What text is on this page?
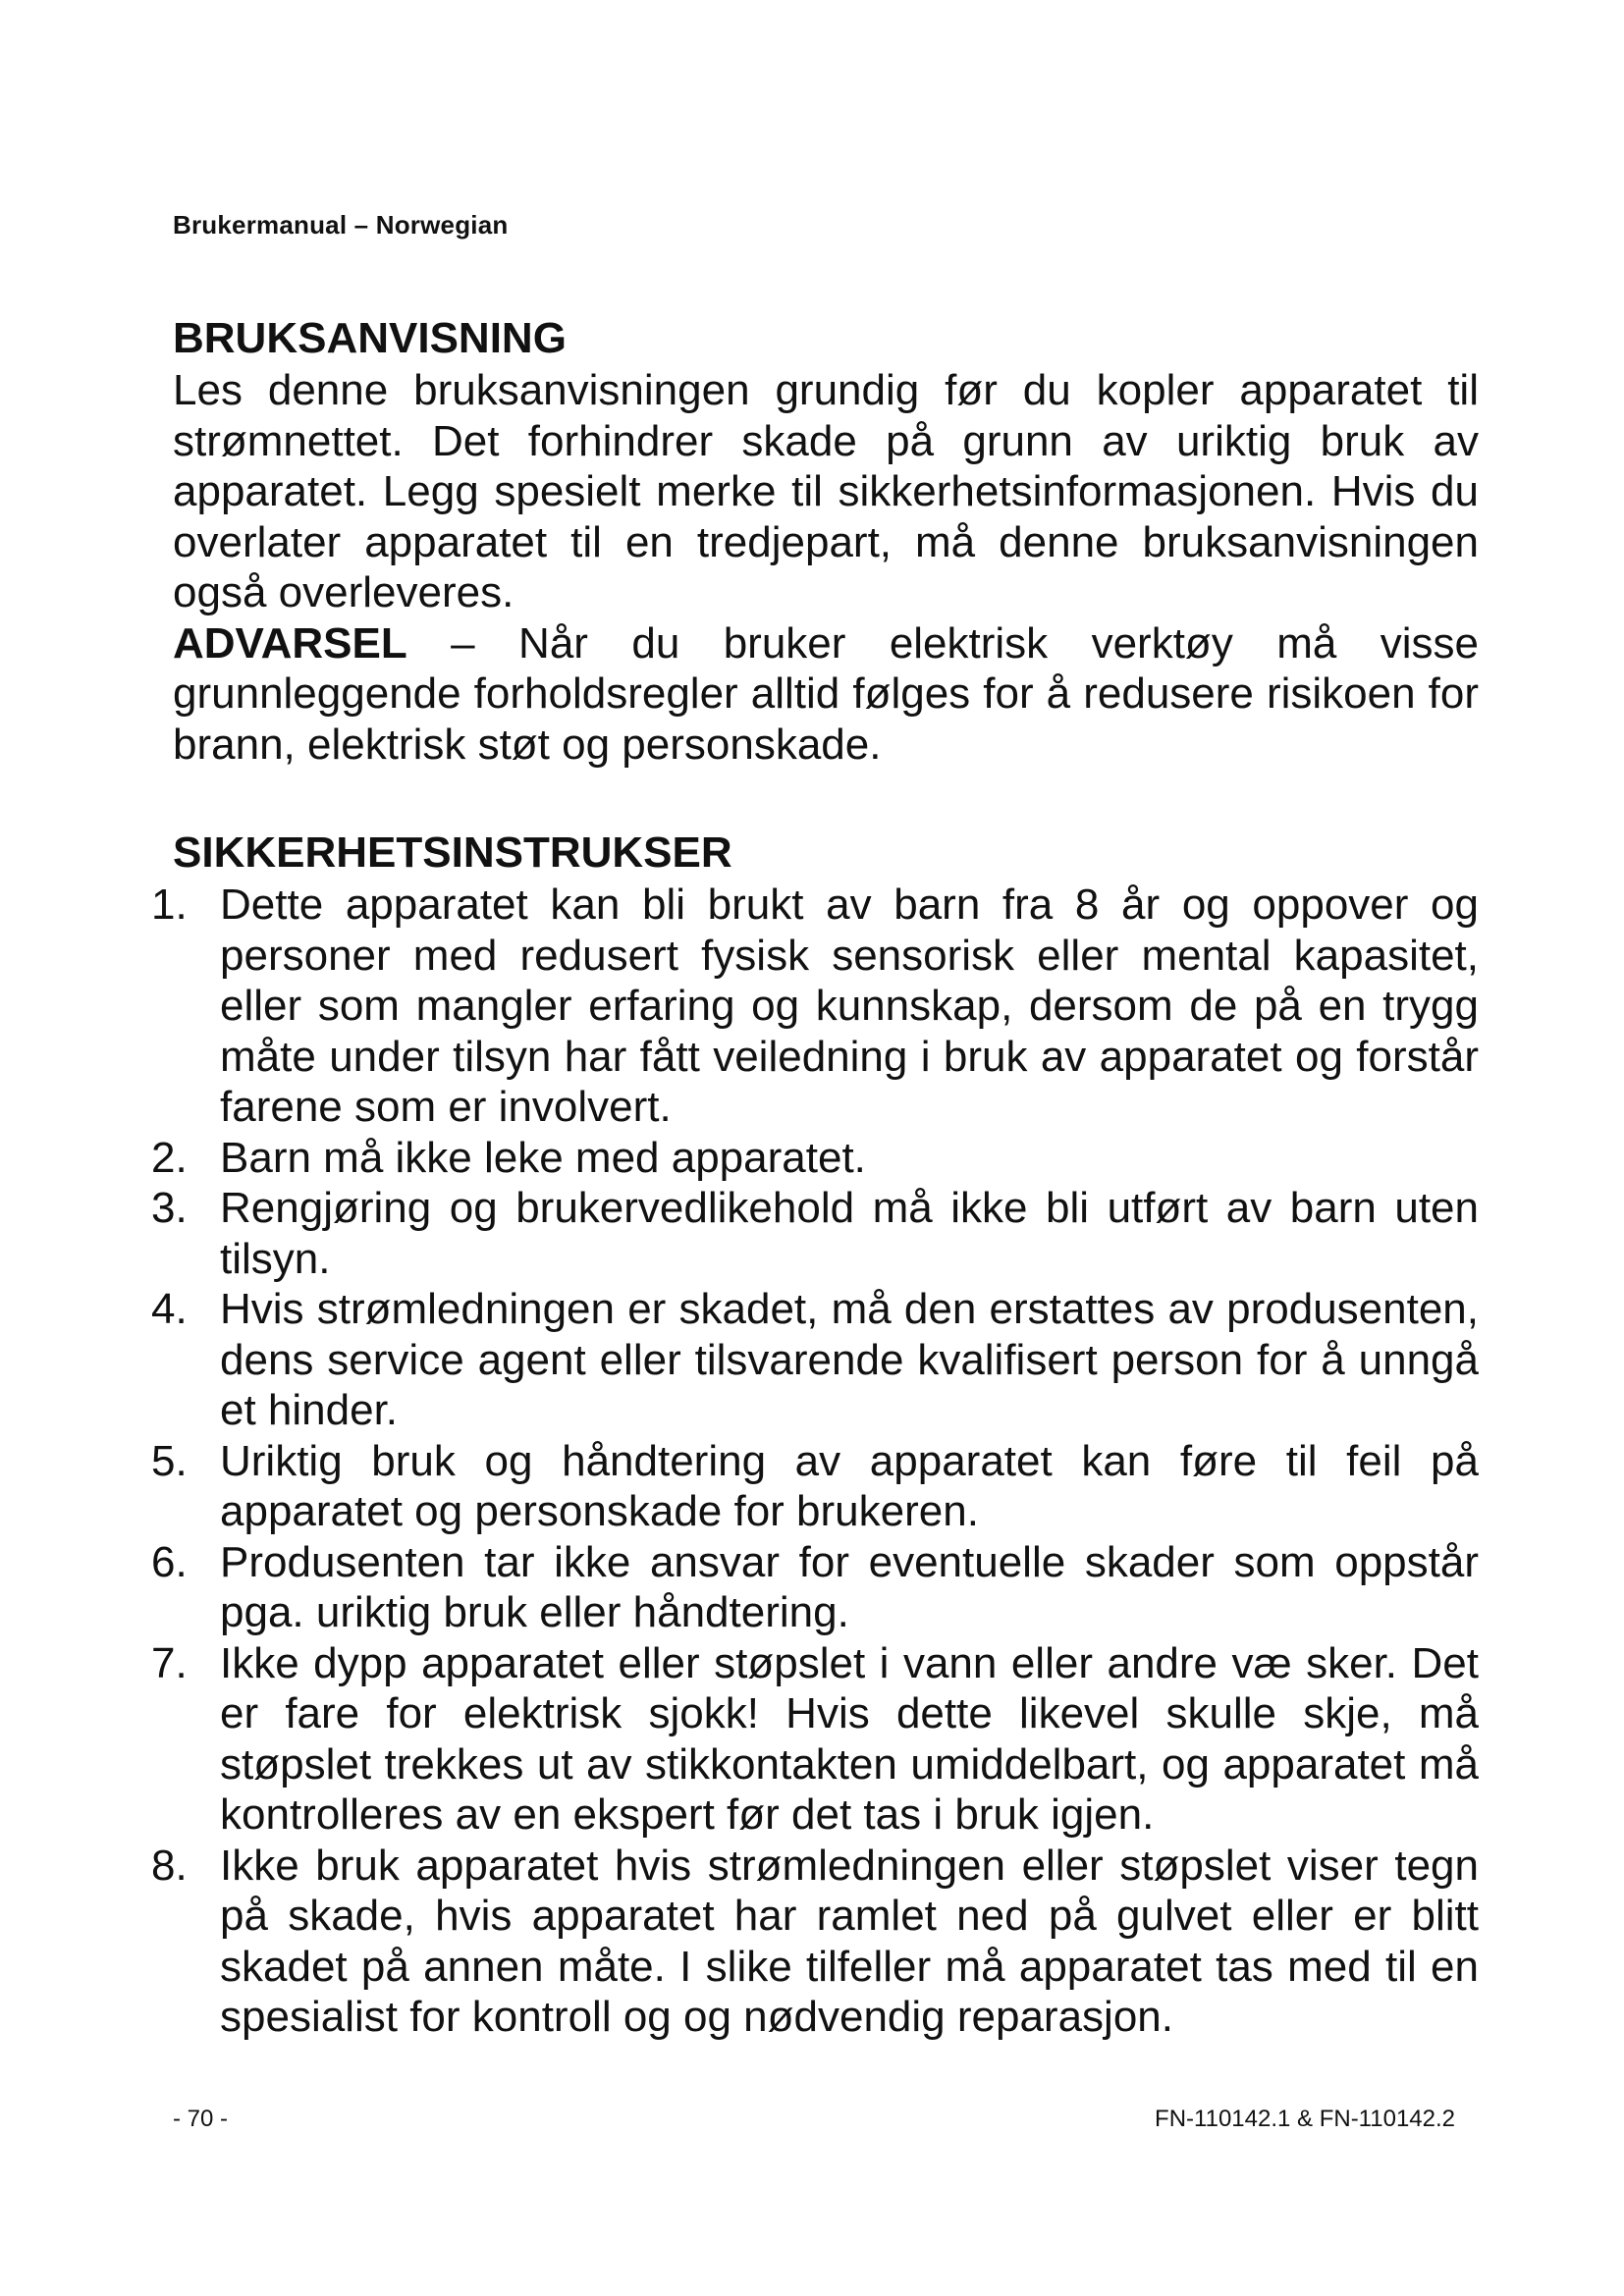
Brukermanual – Norwegian
BRUKSANVISNING

Les denne bruksanvisningen grundig før du kopler apparatet til strømnettet. Det forhindrer skade på grunn av uriktig bruk av apparatet. Legg spesielt merke til sikkerhetsinformasjonen. Hvis du overlater apparatet til en tredjepart, må denne bruksanvisningen også overleveres.

ADVARSEL – Når du bruker elektrisk verktøy må visse grunnleggende forholdsregler alltid følges for å redusere risikoen for brann, elektrisk støt og personskade.

SIKKERHETSINSTRUKSER
1. Dette apparatet kan bli brukt av barn fra 8 år og oppover og personer med redusert fysisk sensorisk eller mental kapasitet, eller som mangler erfaring og kunnskap, dersom de på en trygg måte under tilsyn har fått veiledning i bruk av apparatet og forstår farene som er involvert.
2. Barn må ikke leke med apparatet.
3. Rengjøring og brukervedlikehold må ikke bli utført av barn uten tilsyn.
4. Hvis strømledningen er skadet, må den erstattes av produsenten, dens service agent eller tilsvarende kvalifisert person for å unngå et hinder.
5. Uriktig bruk og håndtering av apparatet kan føre til feil på apparatet og personskade for brukeren.
6. Produsenten tar ikke ansvar for eventuelle skader som oppstår pga. uriktig bruk eller håndtering.
7. Ikke dypp apparatet eller støpslet i vann eller andre væ sker. Det er fare for elektrisk sjokk! Hvis dette likevel skulle skje, må støpslet trekkes ut av stikkontakten umiddelbart, og apparatet må kontrolleres av en ekspert før det tas i bruk igjen.
8. Ikke bruk apparatet hvis strømledningen eller støpslet viser tegn på skade, hvis apparatet har ramlet ned på gulvet eller er blitt skadet på annen måte. I slike tilfeller må apparatet tas med til en spesialist for kontroll og og nødvendig reparasjon.
- 70 -	FN-110142.1 & FN-110142.2
